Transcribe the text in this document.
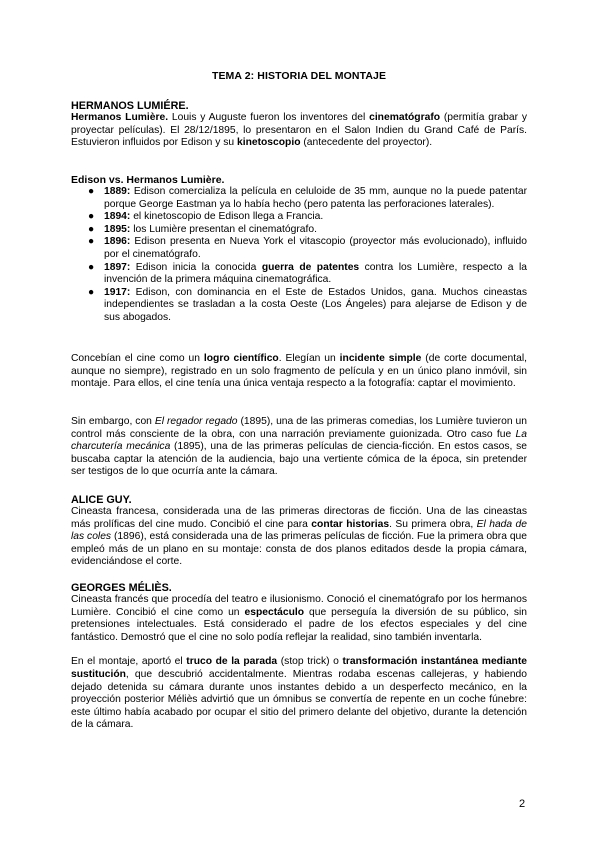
TEMA 2: HISTORIA DEL MONTAJE
HERMANOS LUMIÉRE.

Hermanos Lumière. Louis y Auguste fueron los inventores del cinematógrafo (permitía grabar y proyectar películas). El 28/12/1895, lo presentaron en el Salon Indien du Grand Café de París. Estuvieron influidos por Edison y su kinetoscopio (antecedente del proyector).

Edison vs. Hermanos Lumière.
● 1889: Edison comercializa la película en celuloide de 35 mm, aunque no la puede patentar porque George Eastman ya lo había hecho (pero patenta las perforaciones laterales).
● 1894: el kinetoscopio de Edison llega a Francia.
● 1895: los Lumière presentan el cinematógrafo.
● 1896: Edison presenta en Nueva York el vitascopio (proyector más evolucionado), influido por el cinematógrafo.
● 1897: Edison inicia la conocida guerra de patentes contra los Lumière, respecto a la invención de la primera máquina cinematográfica.
● 1917: Edison, con dominancia en el Este de Estados Unidos, gana. Muchos cineastas independientes se trasladan a la costa Oeste (Los Ángeles) para alejarse de Edison y de sus abogados.

Concebían el cine como un logro científico. Elegían un incidente simple (de corte documental, aunque no siempre), registrado en un solo fragmento de película y en un único plano inmóvil, sin montaje. Para ellos, el cine tenía una única ventaja respecto a la fotografía: captar el movimiento.

Sin embargo, con El regador regado (1895), una de las primeras comedias, los Lumière tuvieron un control más consciente de la obra, con una narración previamente guionizada. Otro caso fue La charcutería mecánica (1895), una de las primeras películas de ciencia-ficción. En estos casos, se buscaba captar la atención de la audiencia, bajo una vertiente cómica de la época, sin pretender ser testigos de lo que ocurría ante la cámara.

ALICE GUY.

Cineasta francesa, considerada una de las primeras directoras de ficción. Una de las cineastas más prolíficas del cine mudo. Concibió el cine para contar historias. Su primera obra, El hada de las coles (1896), está considerada una de las primeras películas de ficción. Fue la primera obra que empleó más de un plano en su montaje: consta de dos planos editados desde la propia cámara, evidenciándose el corte.

GEORGES MÉLIÈS.

Cineasta francés que procedía del teatro e ilusionismo. Conoció el cinematógrafo por los hermanos Lumière. Concibió el cine como un espectáculo que perseguía la diversión de su público, sin pretensiones intelectuales. Está considerado el padre de los efectos especiales y del cine fantástico. Demostró que el cine no solo podía reflejar la realidad, sino también inventarla.

En el montaje, aportó el truco de la parada (stop trick) o transformación instantánea mediante sustitución, que descubrió accidentalmente. Mientras rodaba escenas callejeras, y habiendo dejado detenida su cámara durante unos instantes debido a un desperfecto mecánico, en la proyección posterior Méliès advirtió que un ómnibus se convertía de repente en un coche fúnebre: este último había acabado por ocupar el sitio del primero delante del objetivo, durante la detención de la cámara.

2
